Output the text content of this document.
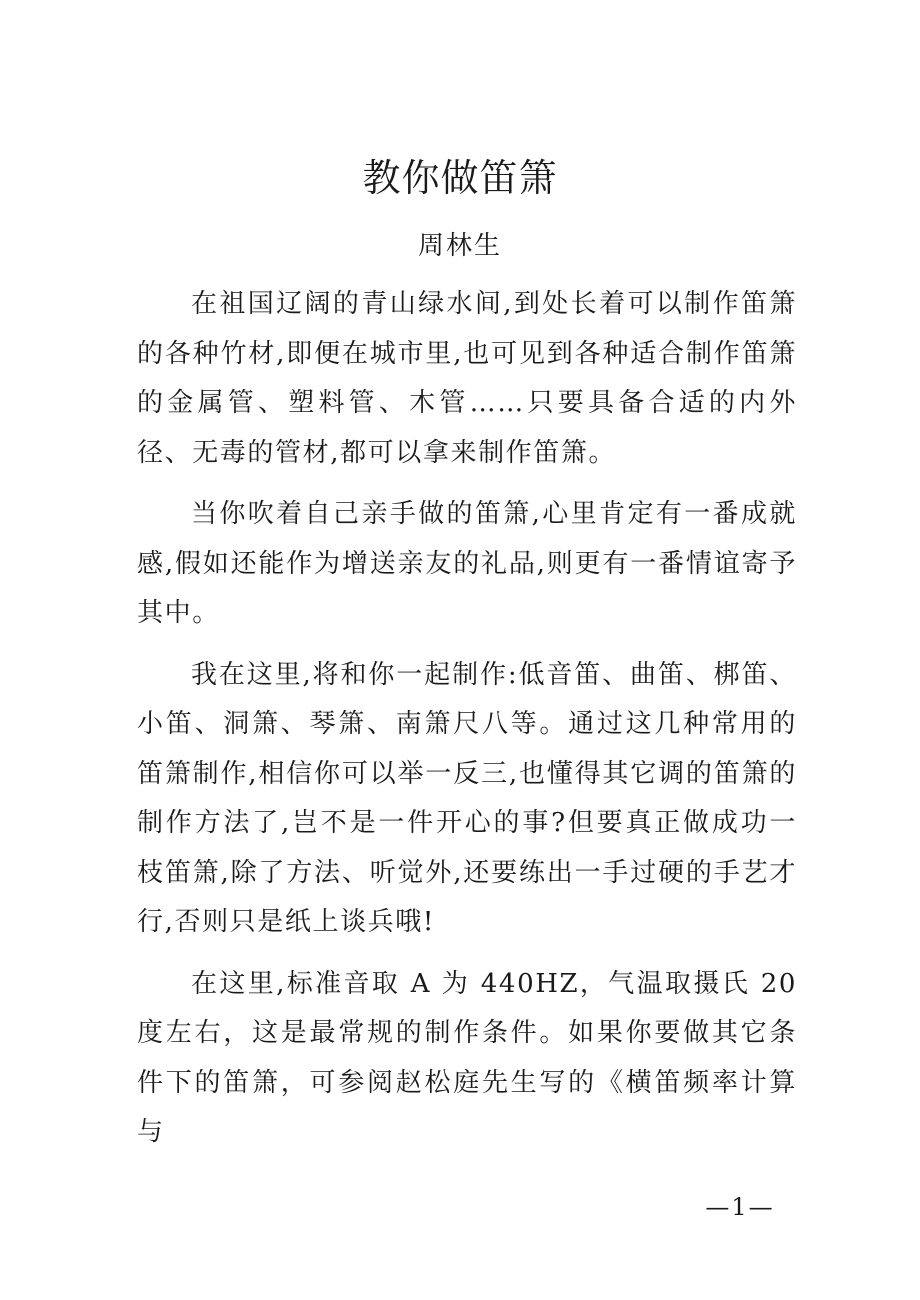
教你做笛箫
周林生

在祖国辽阔的青山绿水间,到处长着可以制作笛箫的各种竹材,即便在城市里,也可见到各种适合制作笛箫的金属管、塑料管、木管……只要具备合适的内外径、无毒的管材,都可以拿来制作笛箫。

当你吹着自己亲手做的笛箫,心里肯定有一番成就感,假如还能作为增送亲友的礼品,则更有一番情谊寄予其中。

我在这里,将和你一起制作:低音笛、曲笛、梆笛、小笛、洞箫、琴箫、南箫尺八等。通过这几种常用的笛箫制作,相信你可以举一反三,也懂得其它调的笛箫的制作方法了,岂不是一件开心的事?但要真正做成功一枝笛箫,除了方法、听觉外,还要练出一手过硬的手艺才行,否则只是纸上谈兵哦!

在这里,标准音取 A 为 440HZ，气温取摄氏 20 度左右，这是最常规的制作条件。如果你要做其它条件下的笛箫，可参阅赵松庭先生写的《横笛频率计算与

—1—
